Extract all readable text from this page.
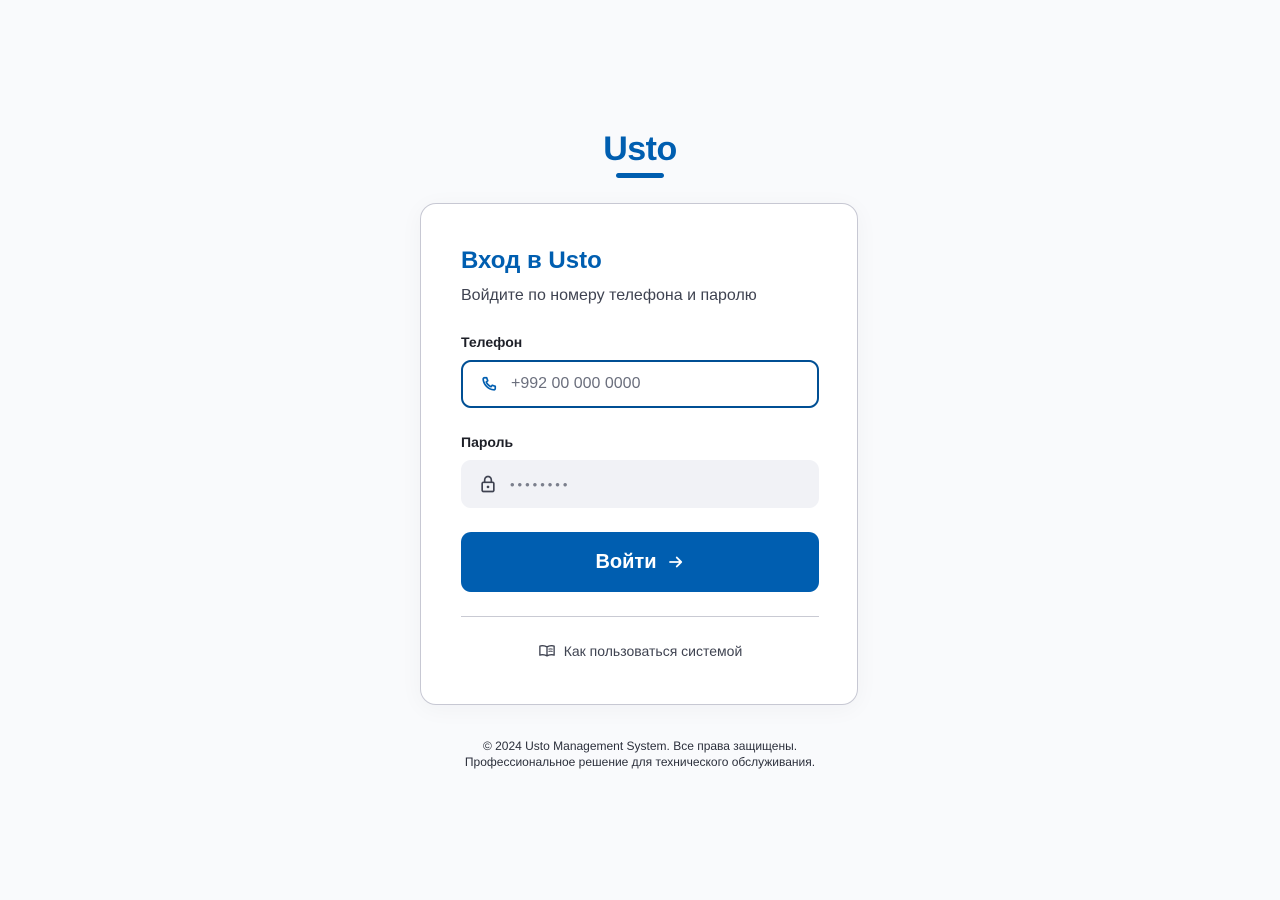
Usto
Вход в Usto
Войдите по номеру телефона и паролю
Телефон
+992 00 000 0000
Пароль
Войти
Как пользоваться системой
© 2024 Usto Management System. Все права защищены.
Профессиональное решение для технического обслуживания.
